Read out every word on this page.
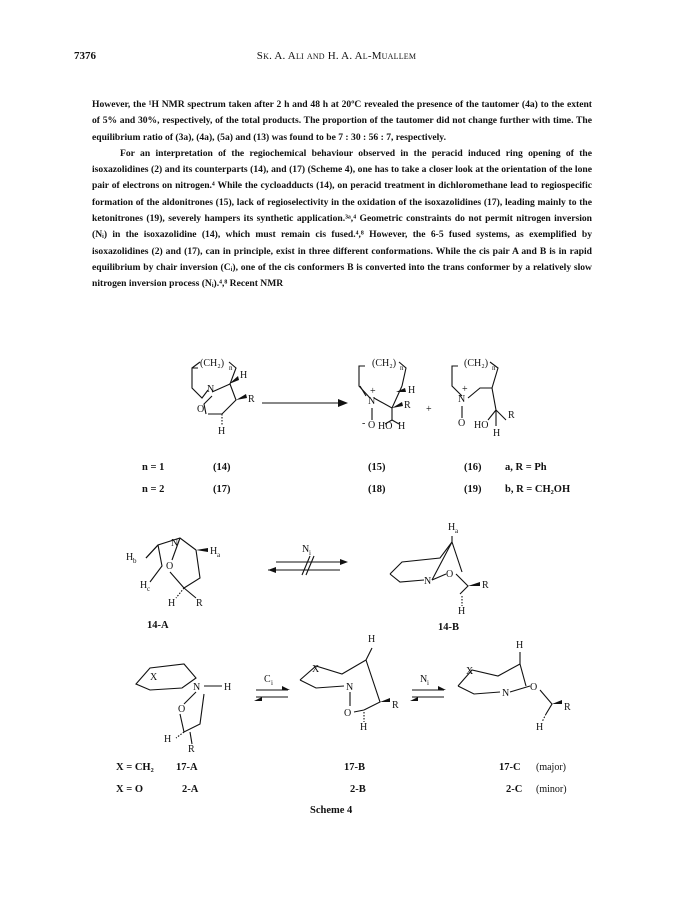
7376	Sk. A. Ali and H. A. Al-Muallem

However, the ¹H NMR spectrum taken after 2 h and 48 h at 20ºC revealed the presence of the tautomer (4a) to the extent of 5% and 30%, respectively, of the total products. The proportion of the tautomer did not change further with time. The equilibrium ratio of (3a), (4a), (5a) and (13) was found to be 7 : 30 : 56 : 7, respectively.

For an interpretation of the regiochemical behaviour observed in the peracid induced ring opening of the isoxazolidines (2) and its counterparts (14), and (17) (Scheme 4), one has to take a closer look at the orientation of the lone pair of electrons on nitrogen.⁴ While the cycloadducts (14), on peracid treatment in dichloromethane lead to regiospecific formation of the aldonitrones (15), lack of regioselectivity in the oxidation of the isoxazolidines (17), leading mainly to the ketonitrones (19), severely hampers its synthetic application.³ᵃ,⁴ Geometric constraints do not permit nitrogen inversion (Nᵢ) in the isoxazolidine (14), which must remain cis fused.⁴,⁸ However, the 6-5 fused systems, as exemplified by isoxazolidines (2) and (17), can in principle, exist in three different conformations. While the cis pair A and B is in rapid equilibrium by chair inversion (Cᵢ), one of the cis conformers B is converted into the trans conformer by a relatively slow nitrogen inversion process (Nᵢ).⁴,⁸ Recent NMR

(CH₂) n
N
H
O
R
H
(CH₂) n
+
N
H
O
-
R
HO H
+
(CH₂) n
+
N
O
R
HO
H
n = 1
n = 2
(14)
(17)
(15)
(18)
(16)
(19)
a, R = Ph
b, R = CH₂OH
N
O
H b
H c
H a
H R
14-A
N i
N
O
H a
R
H
14-B
X
N H
O
H
R
C i
X
N
H
O
R
H
N i
X
N
H
O
R
H
X = CH₂
X = O
17-A
2-A
17-B
2-B
17-C
2-C
(major)
(minor)
Scheme 4
